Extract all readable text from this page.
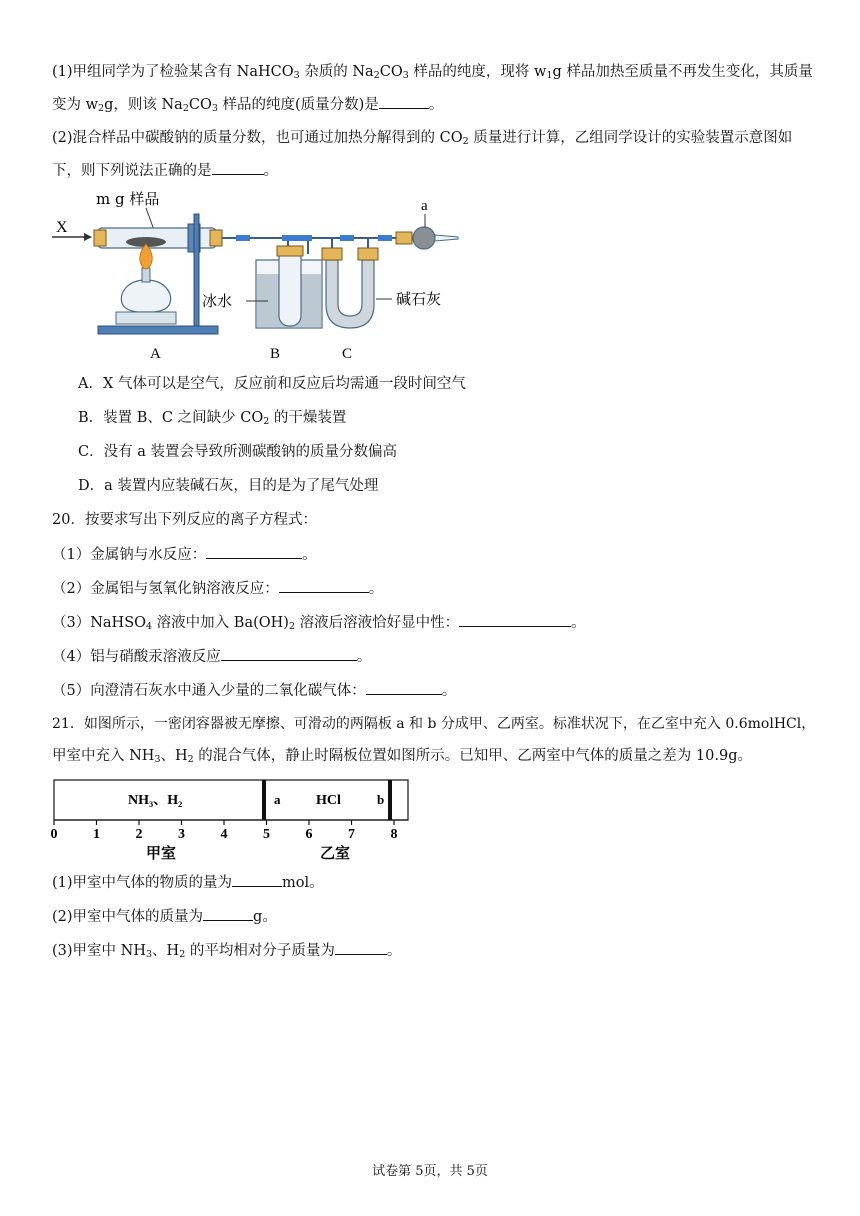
(1)甲组同学为了检验某含有 NaHCO$_3$ 杂质的 $Na_2CO_3$ 样品的纯度，现将 $w_1g$ 样品加热至质量不再发生变化，其质量
变为 $w_2g$，则该 $Na_2CO_3$ 样品的纯度(质量分数)是	。
(2)混合样品中碳酸钠的质量分数，也可通过加热分解得到的 $CO_2$ 质量进行计算，乙组同学设计的实验装置示意图如
下，则下列说法正确的是	。
X
m g 样品
冰水	碱石灰
a
A	B	C
A．X 气体可以是空气，反应前和反应后均需通一段时间空气
B．装置 B、C 之间缺少 $CO_2$ 的干燥装置
C．没有 a 装置会导致所测碳酸钠的质量分数偏高
D．a 装置内应装碱石灰，目的是为了尾气处理
20．按要求写出下列反应的离子方程式：
（1）金属钠与水反应：	。
（2）金属铝与氢氧化钠溶液反应：	。
（3）NaHSO$_4$ 溶液中加入 $Ba(OH)_2$ 溶液后溶液恰好显中性：	。
（4）铝与硝酸汞溶液反应	。
（5）向澄清石灰水中通入少量的二氧化碳气体：	。
21．如图所示，一密闭容器被无摩擦、可滑动的两隔板 a 和 b 分成甲、乙两室。标准状况下，在乙室中充入 0.6molHCl，
甲室中充入 $NH_3$、$H_2$ 的混合气体，静止时隔板位置如图所示。已知甲、乙两室中气体的质量之差为 10.9g。
NH₃、H₂	a	HCl	b
0	1	2	3	4	5	6	7	8
甲室	乙室
(1)甲室中气体的物质的量为	mol。
(2)甲室中气体的质量为	g。
(3)甲室中 $NH_3$、$H_2$ 的平均相对分子质量为	。
试卷第 5页，共 5页
